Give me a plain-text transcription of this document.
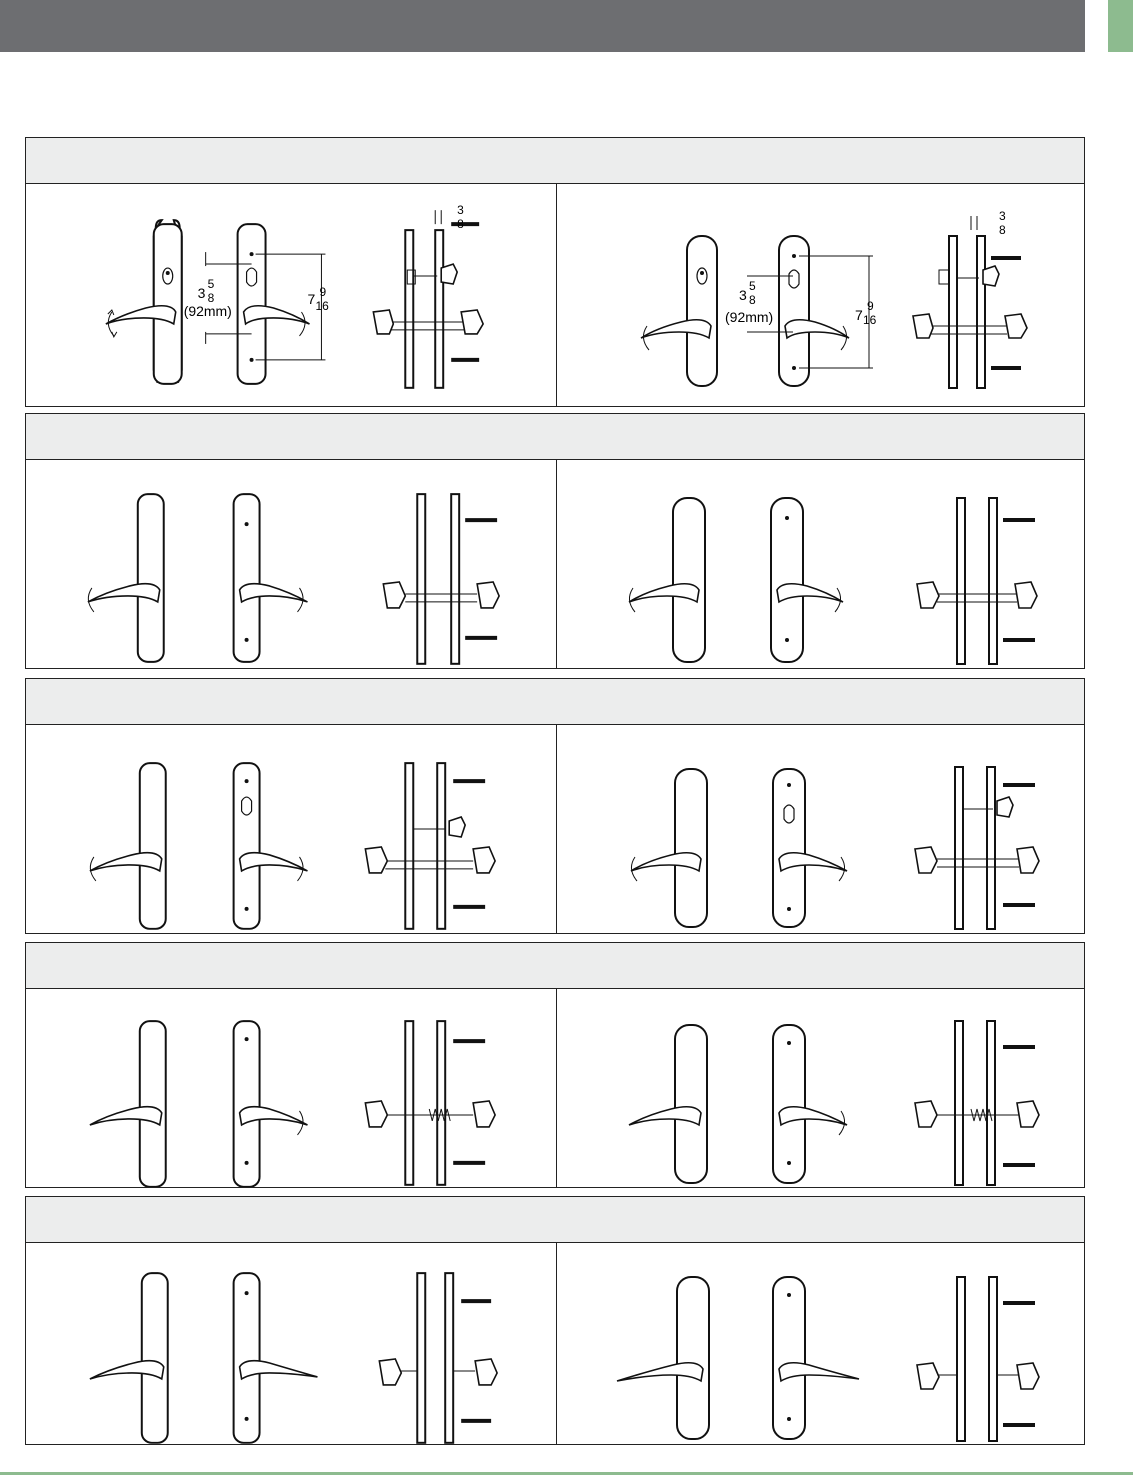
3
5
8
(92mm)
7 9
16
3
8
3
5
8
(92mm)	7
9
16
3
8
